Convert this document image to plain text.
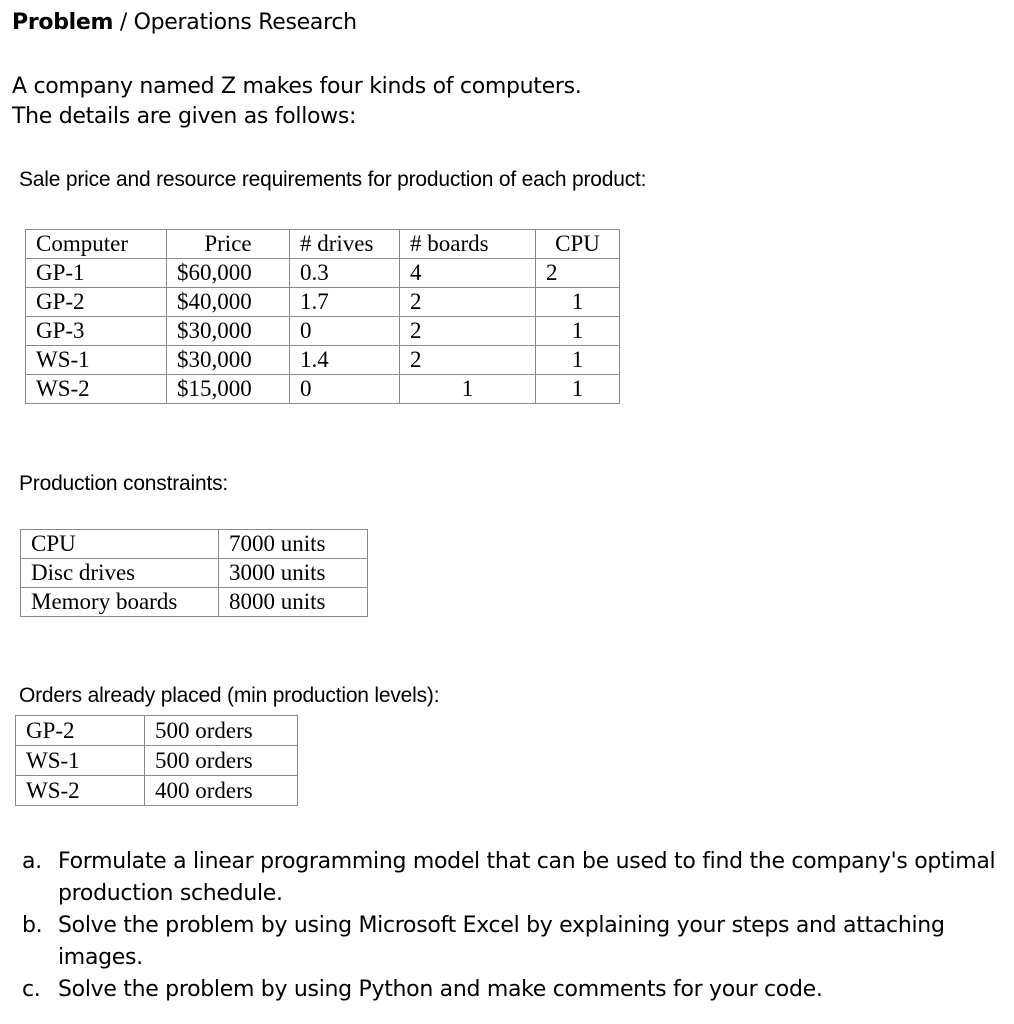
Problem / Operations Research
A company named Z makes four kinds of computers.
The details are given as follows:
Sale price and resource requirements for production of each product:
Computer	Price	# drives	# boards	CPU
GP-1	$60,000	0.3	4	2
GP-2	$40,000	1.7	2	1
GP-3	$30,000	0	2	1
WS-1	$30,000	1.4	2	1
WS-2	$15,000	0	1	1
Production constraints:
CPU	7000 units
Disc drives	3000 units
Memory boards	8000 units
Orders already placed (min production levels):
GP-2	500 orders
WS-1	500 orders
WS-2	400 orders
a. Formulate a linear programming model that can be used to find the company's optimal production schedule.
b. Solve the problem by using Microsoft Excel by explaining your steps and attaching images.
c. Solve the problem by using Python and make comments for your code.
